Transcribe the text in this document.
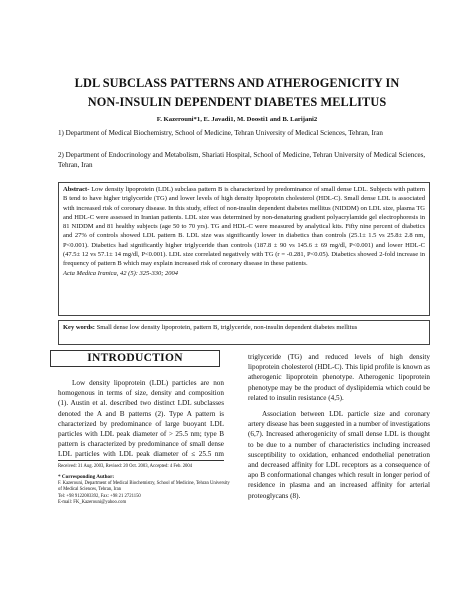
LDL SUBCLASS PATTERNS AND ATHEROGENICITY IN
NON-INSULIN DEPENDENT DIABETES MELLITUS
F. Kazerouni*1, E. Javadi1, M. Doosti1 and B. Larijani2
1) Department of Medical Biochemistry, School of Medicine, Tehran University of Medical Sciences, Tehran, Iran
2) Department of Endocrinology and Metabolism, Shariati Hospital, School of Medicine, Tehran University of Medical Sciences, Tehran, Iran
Abstract- Low density lipoprotein (LDL) subclass pattern B is characterized by predominance of small dense LDL. Subjects with pattern B tend to have higher triglyceride (TG) and lower levels of high density lipoprotein cholesterol (HDL-C). Small dense LDL is associated with increased risk of coronary disease. In this study, effect of non-insulin dependent diabetes mellitus (NIDDM) on LDL size, plasma TG and HDL-C were assessed in Iranian patients. LDL size was determined by non-denaturing gradient polyacrylamide gel electrophoresis in 81 NIDDM and 81 healthy subjects (age 50 to 70 yrs). TG and HDL-C were measured by analytical kits. Fifty nine percent of diabetics and 27% of controls showed LDL pattern B. LDL size was significantly lower in diabetics than controls (25.1± 1.5 vs 25.8± 2.8 nm, P<0.001). Diabetics had significantly higher triglyceride than controls (187.8 ± 90 vs 145.6 ± 69 mg/dl, P<0.001) and lower HDL-C (47.5± 12 vs 57.1± 14 mg/dl, P<0.001). LDL size correlated negatively with TG (r = -0.281, P<0.05). Diabetics showed 2-fold increase in frequency of pattern B which may explain increased risk of coronary disease in these patients.
Acta Medica Iranica, 42 (5): 325-330; 2004
Key words: Small dense low density lipoprotein, pattern B, triglyceride, non-insulin dependent diabetes mellitus
INTRODUCTION

Low density lipoprotein (LDL) particles are non homogenous in terms of size, density and composition (1). Austin et al. described two distinct LDL subclasses denoted the A and B patterns (2). Type A pattern is characterized by predominance of large buoyant LDL particles with LDL peak diameter of > 25.5 nm; type B pattern is characterized by predominance of small dense LDL particles with LDL peak diameter of ≤ 25.5 nm

triglyceride (TG) and reduced levels of high density lipoprotein cholesterol (HDL-C). This lipid profile is known as atherogenic lipoprotein phenotype. Atherogenic lipoprotein phenotype may be the product of dyslipidemia which could be related to insulin resistance (4,5).

Association between LDL particle size and coronary artery disease has been suggested in a number of investigations (6,7). Increased atherogenicity of small dense LDL is thought to be due to a number of characteristics including increased susceptibility to oxidation, enhanced endothelial penetration and decreased affinity for LDL receptors as a consequence of apo B conformational changes which result in longer period of residence in plasma and an increased affinity for arterial proteoglycans (8).

Received: 31 Aug. 2003, Revised: 20 Oct. 2003, Accepted: 4 Feb. 2004
* Corresponding Author:
F. Kazerouni, Department of Medical Biochemistry, School of Medicine, Tehran University of Medical Sciences, Tehran, Iran
Tel: +98 9122083392, Fax: +98 21 2721150
E-mail: FK_Kazerouni@yahoo.com
